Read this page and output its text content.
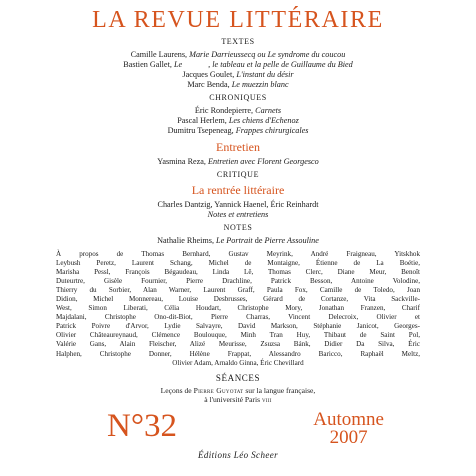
LA REVUE LITTÉRAIRE
TEXTES
Camille Laurens, Marie Darrieussecq ou Le syndrome du coucou
Bastien Gallet, Le	, le tableau et la pelle de Guillaume du Bied
Jacques Goulet, L'instant du désir
Marc Benda, Le muezzin blanc
CHRONIQUES
Éric Rondepierre, Carnets
Pascal Herlem, Les chiens d'Echenoz
Dumitru Tsepeneag, Frappes chirurgicales
Entretien
Yasmina Reza, Entretien avec Florent Georgesco
CRITIQUE
La rentrée littéraire
Charles Dantzig, Yannick Haenel, Éric Reinhardt
Notes et entretiens
NOTES
Nathalie Rheims, Le Portrait de Pierre Assouline
À propos de Thomas Bernhard, Gustav Meyrink, André Fraigneau, Yitskhok
Leybush Peretz, Laurent Schang, Michel de Montaigne, Étienne de La Boétie,
Marisha Pessl, François Bégaudeau, Linda Lê, Thomas Clerc, Diane Meur, Benoît
Duteurtre, Gisèle Fournier, Pierre Drachline, Patrick Besson, Antoine Volodine,
Thierry du Sorbier, Alan Warner, Laurent Graff, Paula Fox, Camille de Toledo, Joan
Didion, Michel Monnereau, Louise Desbrusses, Gérard de Cortanze, Vita Sackville-
West, Simon Liberati, Célia Houdart, Christophe Mory, Jonathan Franzen, Charif
Majdalani, Christophe Ono-dit-Biot, Pierre Charras, Vincent Delecroix, Olivier et
Patrick Poivre d'Arvor, Lydie Salvayre, David Markson, Stéphanie Janicot, Georges-
Olivier Châteaureynaud, Clémence Boulouque, Minh Tran Huy, Thibaut de Saint Pol,
Valérie Gans, Alain Fleischer, Alizé Meurisse, Zsuzsa Bánk, Didier Da Silva, Éric
Halphen, Christophe Donner, Hélène Frappat, Alessandro Baricco, Raphaël Meltz,
Olivier Adam, Arnaldo Ginna, Éric Chevillard
SÉANCES
Leçons de Pierre Guyotat sur la langue française,
à l'université Paris viii
N°32	Automne
2007
Éditions Léo Scheer
